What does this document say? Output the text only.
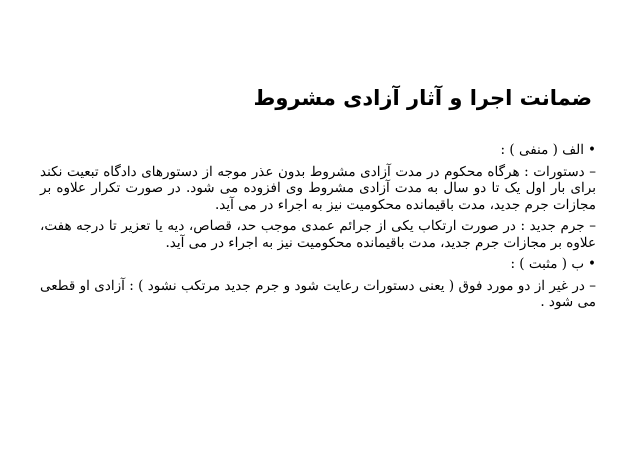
ضمانت اجرا و آثار آزادی مشروط

•الف ( منفی ) :

– دستورات : هرگاه محکوم در مدت آزادی مشروط بدون عذر موجه از دستورهای دادگاه تبعیت نکند برای بار اول یک تا دو سال به مدت آزادی مشروط وی افزوده می شود. در صورت تکرار علاوه بر مجازات جرم جدید، مدت باقیمانده محکومیت نیز به اجراء در می آید.

– جرم جدید : در صورت ارتکاب یکی از جرائم عمدی موجب حد، قصاص، دیه یا تعزیر تا درجه هفت، علاوه بر مجازات جرم جدید، مدت باقیمانده محکومیت نیز به اجراء در می آید.

•ب ( مثبت ) :

– در غیر از دو مورد فوق ( یعنی دستورات رعایت شود و جرم جدید مرتکب نشود ) : آزادی او قطعی می شود .
